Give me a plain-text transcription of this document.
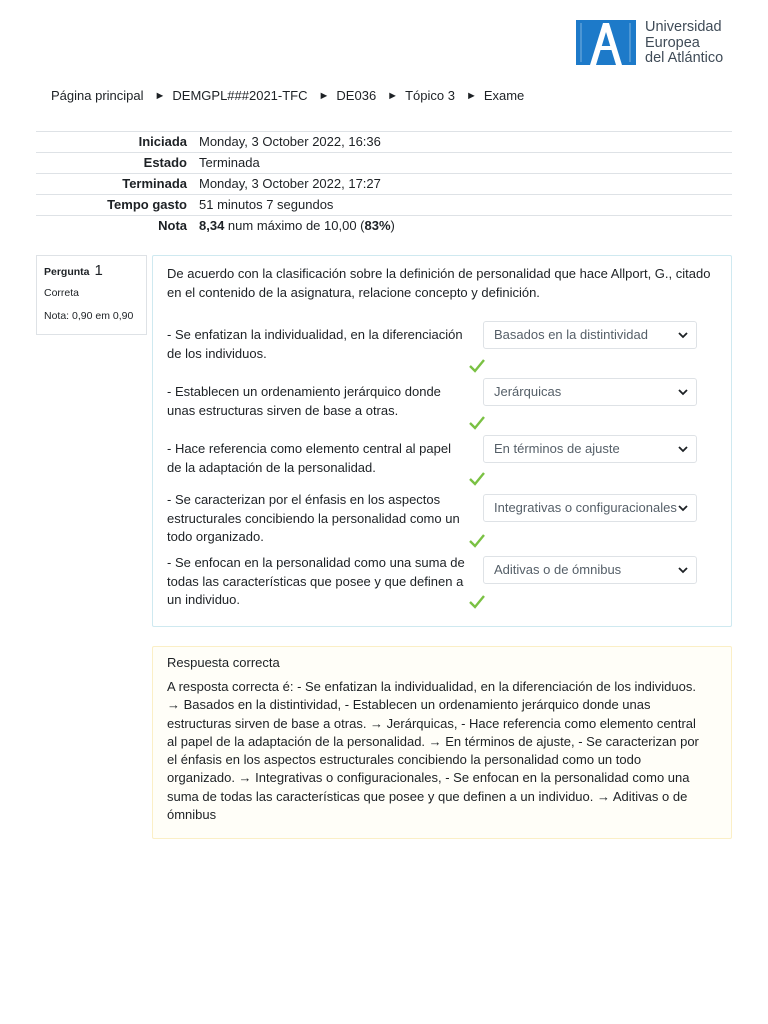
Universidad
Europea
del Atlántico
Página principal ► DEMGPL###2021-TFC ► DE036 ► Tópico 3 ► Exame
Iniciada	Monday, 3 October 2022, 16:36
Estado	Terminada
Terminada	Monday, 3 October 2022, 17:27
Tempo gasto	51 minutos 7 segundos
Nota	8,34 num máximo de 10,00 (83%)
Pergunta 1
Correta
Nota: 0,90 em 0,90
De acuerdo con la clasificación sobre la definición de personalidad que hace Allport, G., citado en el contenido de la asignatura, relacione concepto y definición.
- Se enfatizan la individualidad, en la diferenciación de los individuos.
Basados en la distintividad
- Establecen un ordenamiento jerárquico donde unas estructuras sirven de base a otras.
Jerárquicas
- Hace referencia como elemento central al papel de la adaptación de la personalidad.
En términos de ajuste
- Se caracterizan por el énfasis en los aspectos estructurales concibiendo la personalidad como un todo organizado.
Integrativas o configuracionales
- Se enfocan en la personalidad como una suma de todas las características que posee y que definen a un individuo.
Aditivas o de ómnibus
Respuesta correcta
A resposta correcta é: - Se enfatizan la individualidad, en la diferenciación de los individuos. → Basados en la distintividad, - Establecen un ordenamiento jerárquico donde unas estructuras sirven de base a otras. → Jerárquicas, - Hace referencia como elemento central al papel de la adaptación de la personalidad. → En términos de ajuste, - Se caracterizan por el énfasis en los aspectos estructurales concibiendo la personalidad como un todo organizado. → Integrativas o configuracionales, - Se enfocan en la personalidad como una suma de todas las características que posee y que definen a un individuo. → Aditivas o de ómnibus
